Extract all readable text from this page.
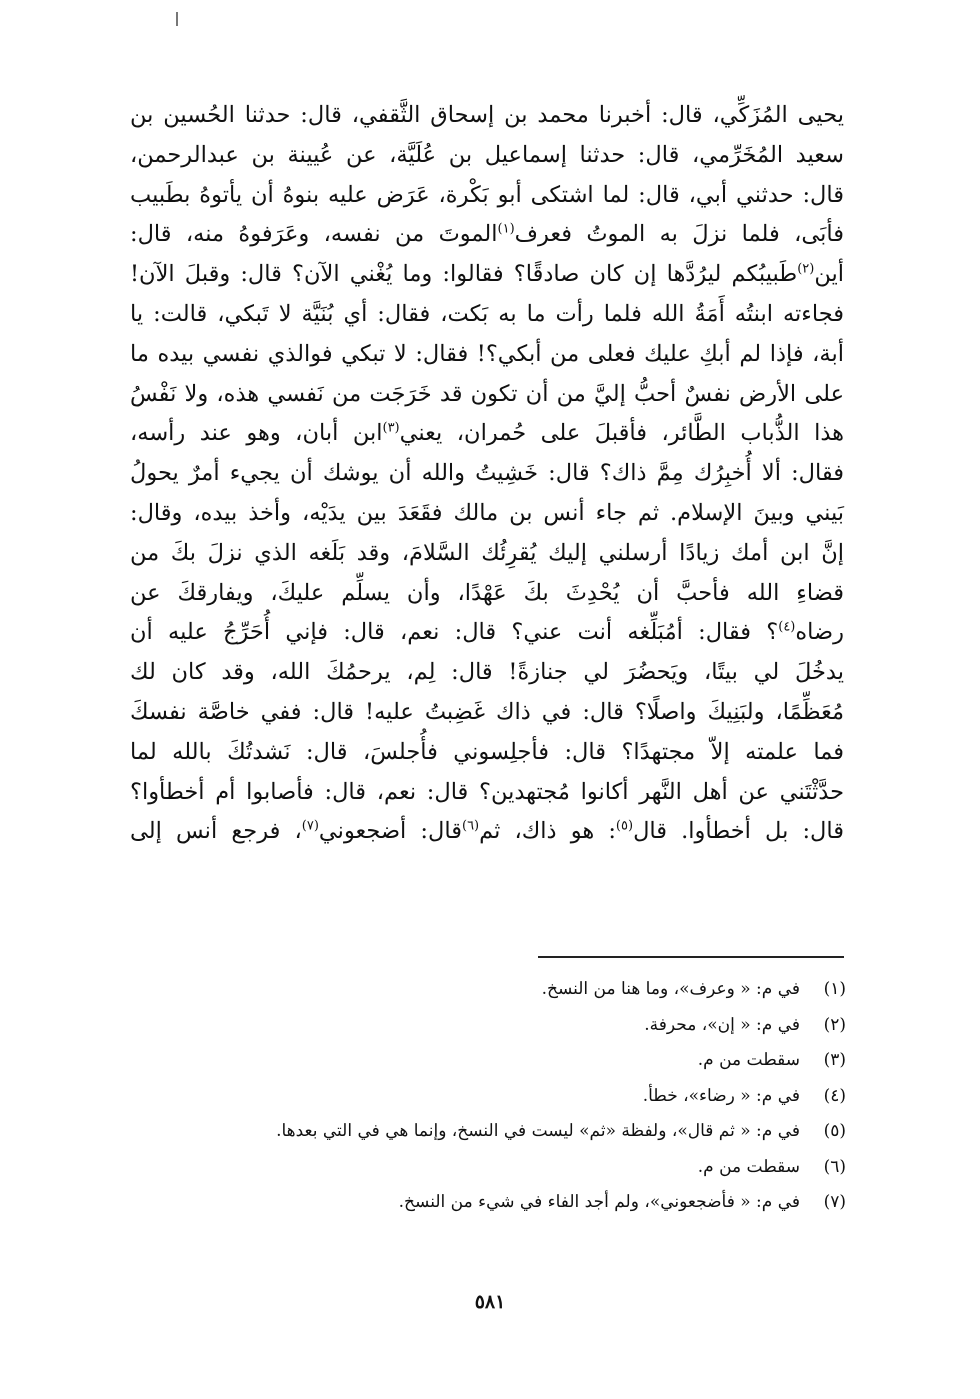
يحيى المُزَكِّي، قال: أخبرنا محمد بن إسحاق الثَّقفي، قال: حدثنا الحُسين بن
سعيد المُخَرِّمي، قال: حدثنا إسماعيل بن عُلَيَّة، عن عُيينة بن عبدالرحمن،
قال: حدثني أبي، قال: لما اشتكى أبو بَكْرة، عَرَض عليه بنوهُ أن يأتوهُ بطَبيب
فأبَى، فلما نزلَ به الموتُ فعرف$^{(١)}$الموتَ من نفسه، وعَرَفوهُ منه، قال:
أين$^{(٢)}$طَبيبُكم ليرُدَّها إن كان صادقًا؟ فقالوا: وما يُغْني الآن؟ قال: وقبلَ الآن!
فجاءته ابنتُه أَمَةُ الله فلما رأت ما به بَكت، فقال: أي بُنَيَّة لا تَبكي، قالت: يا
أبة، فإذا لم أبكِ عليك فعلى من أبكي؟! فقال: لا تبكي فوالذي نفسي بيده ما
على الأرض نفسٌ أحبُّ إليَّ من أن تكون قد خَرَجَت من نَفسي هذه، ولا نَفْسُ
هذا الذُّباب الطَّائر، فأقبلَ على حُمران، يعني$^{(٣)}$ابن أبان، وهو عند رأسه،
فقال: ألا أُخبِرُك مِمَّ ذاك؟ قال: خَشِيتُ والله أن يوشك أن يجيء أمرٌ يحولُ
بَيني وبينَ الإسلام. ثم جاء أنس بن مالك فقَعَدَ بين يدَيْه، وأخذ بيده، وقال:
إنَّ ابن أمك زيادًا أرسلني إليك يُقرِئُك السَّلامَ، وقد بَلَغه الذي نزلَ بكَ من
قضاءِ الله فأحبَّ أن يُحْدِثَ بكَ عَهْدًا، وأن يسلِّم عليكَ، ويفارقكَ عن
رضاه$^{(٤)}$؟ فقال: أمُبَلِّغه أنت عني؟ قال: نعم، قال: فإني أُحَرِّجُ عليه أن
يدخُلَ لي بيتًا، ويَحضُرَ لي جنازةً! قال: لِم، يرحمُكَ الله، وقد كان لك
مُعَظِّمًا، ولبَنِيكَ واصلًا؟ قال: في ذاك غَضِبتُ عليه! قال: ففي خاصَّة نفسكَ
فما علمته إلاّ مجتهدًا؟ قال: فأجلِسوني فأُجلسَ، قال: نَشدتُكَ بالله لما
حدَّثْتَني عن أهل النَّهر أكانوا مُجتهدين؟ قال: نعم، قال: فأصابوا أم أخطأوا؟
قال: بل أخطأوا. قال$^{(٥)}$: هو ذاك، ثم$^{(٦)}$قال: أضجعوني$^{(٧)}$، فرجع أنس إلى
(١)في م: « وعرف»، وما هنا من النسخ.
(٢)في م: « إن»، محرفة.
(٣)سقطت من م.
(٤)في م: « رضاء»، خطأ.
(٥)في م: « ثم قال»، ولفظة «ثم» ليست في النسخ، وإنما هي في التي بعدها.
(٦)سقطت من م.
(٧)في م: « فأضجعوني»، ولم أجد الفاء في شيء من النسخ.
٥٨١
